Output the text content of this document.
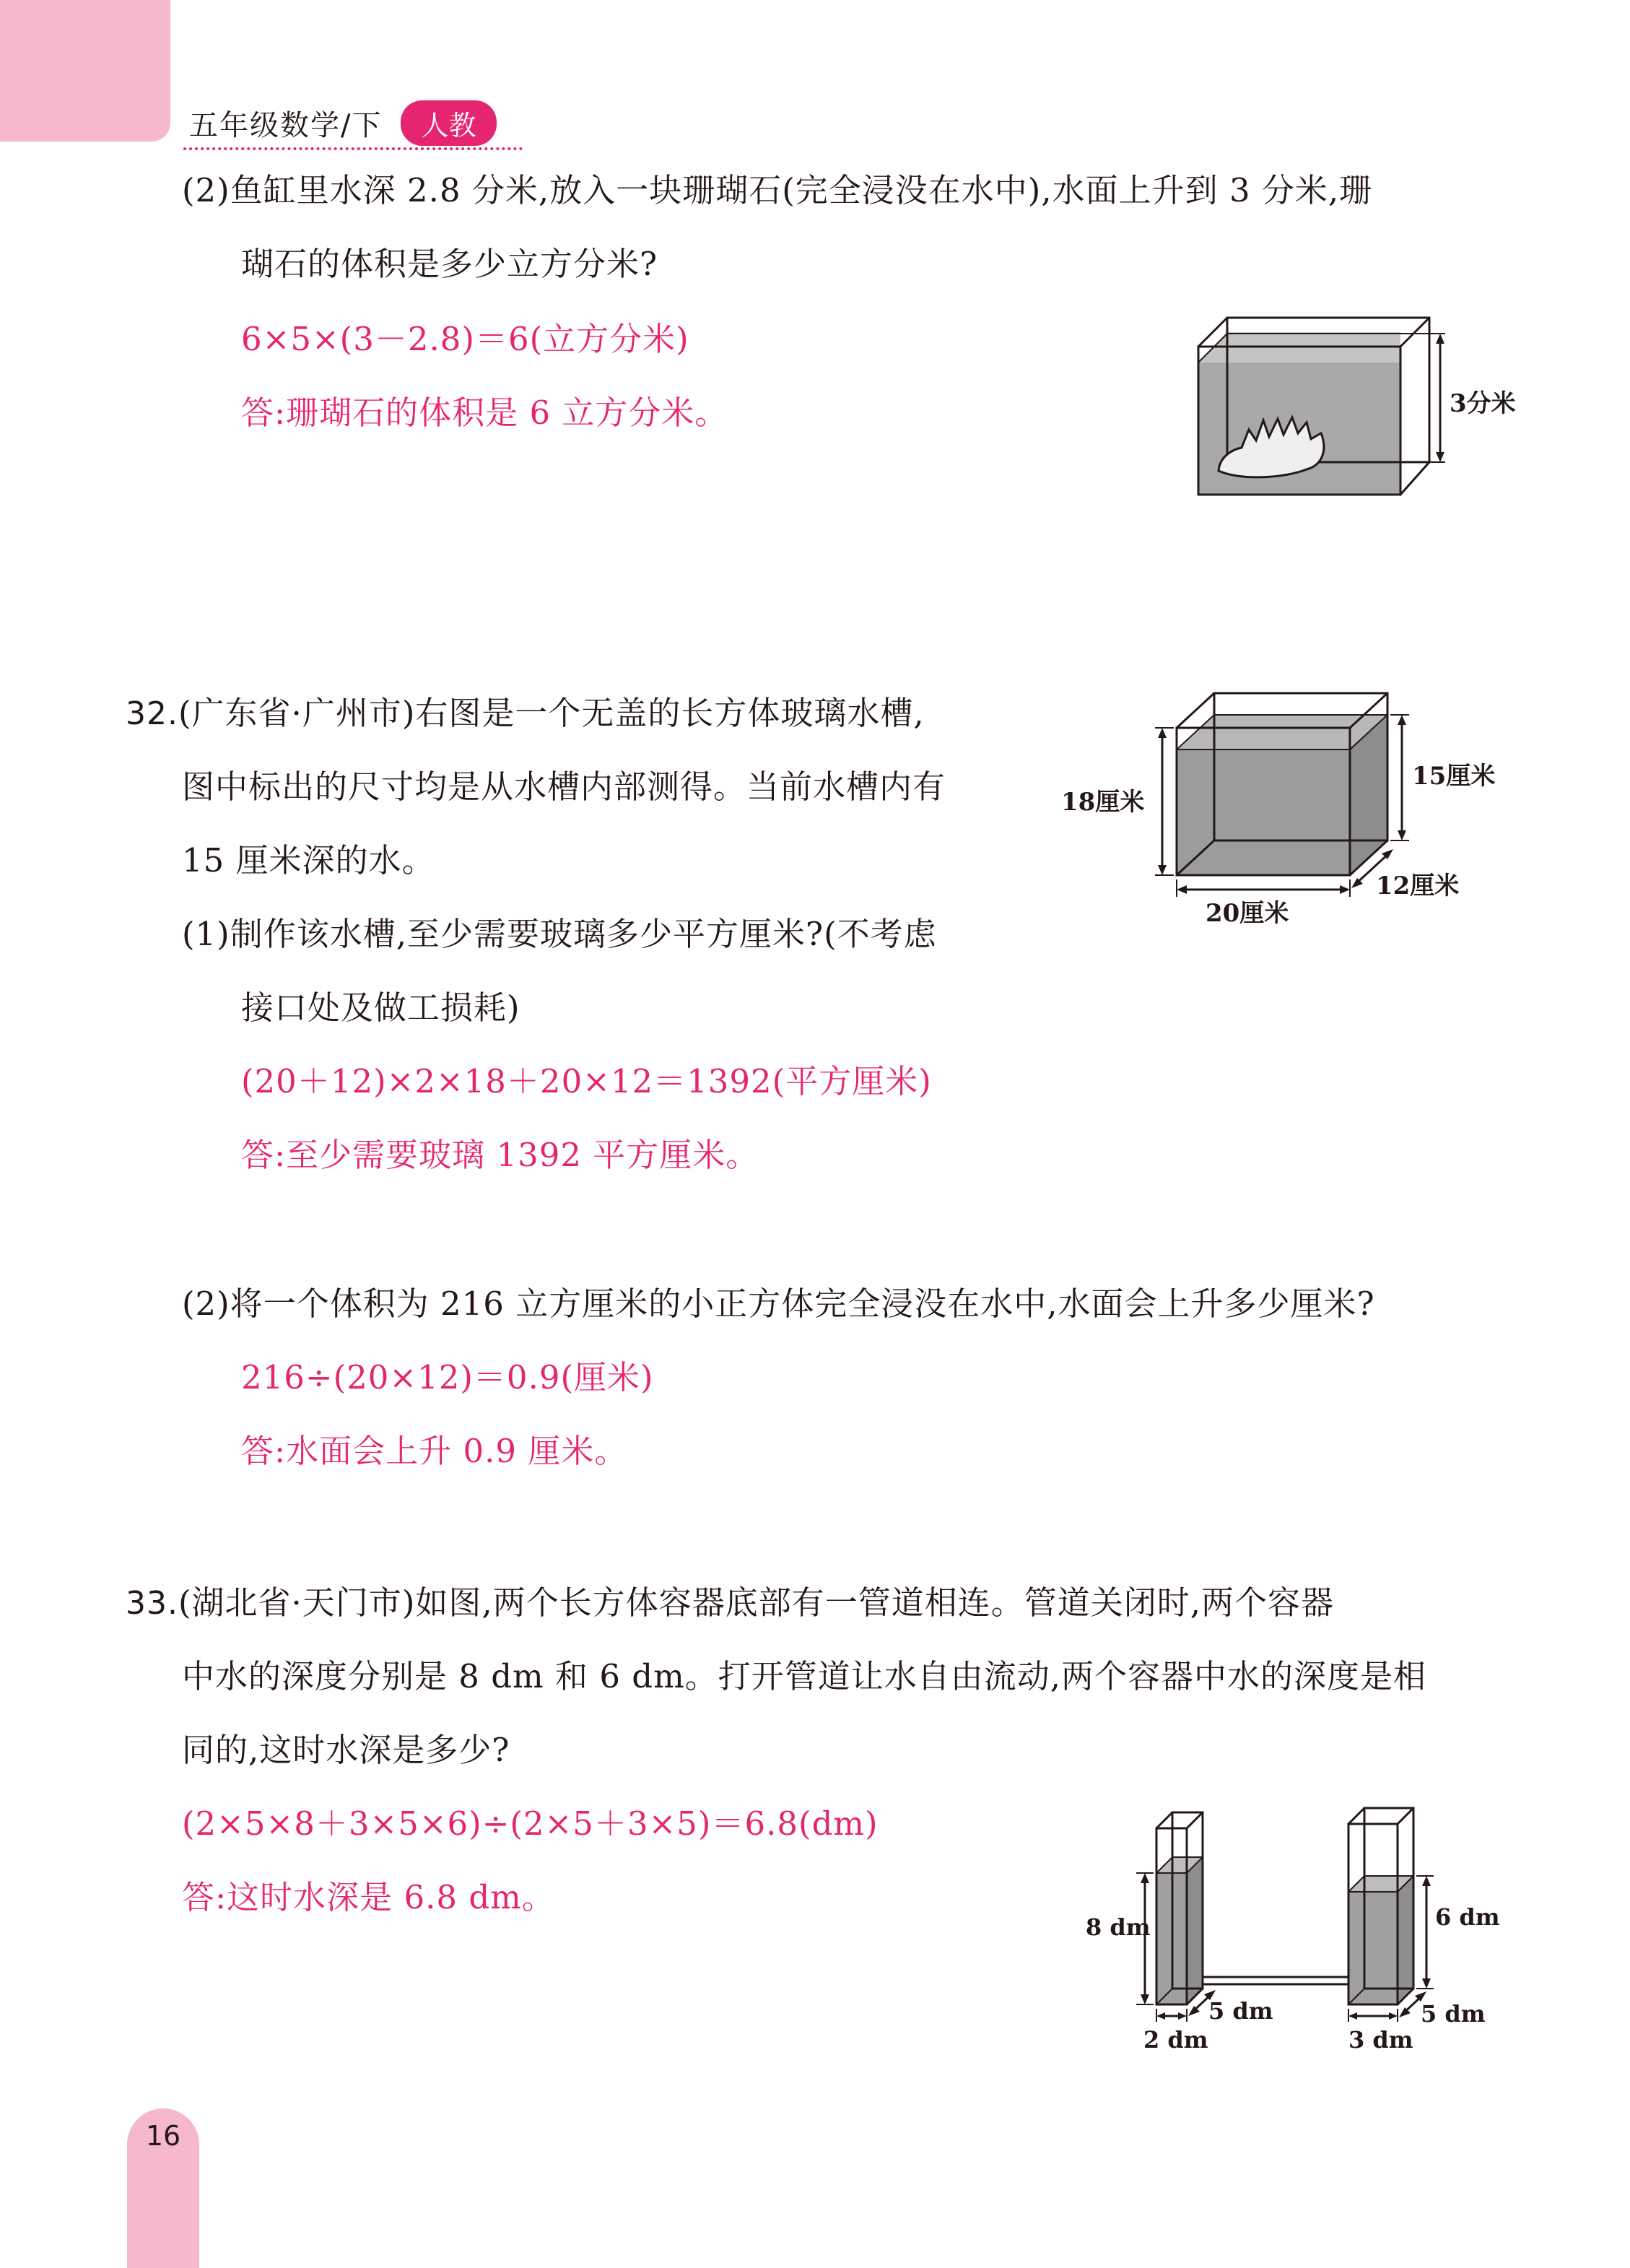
五年级数学/下	人教
(2)鱼缸里水深 2.8 分米,放入一块珊瑚石(完全浸没在水中),水面上升到 3 分米,珊
瑚石的体积是多少立方分米?
6×5×(3－2.8)＝6(立方分米)
答:珊瑚石的体积是 6 立方分米。	3分米
32.(广东省·广州市)右图是一个无盖的长方体玻璃水槽,
图中标出的尺寸均是从水槽内部测得。当前水槽内有
15 厘米深的水。
(1)制作该水槽,至少需要玻璃多少平方厘米?(不考虑
接口处及做工损耗)
(20＋12)×2×18＋20×12＝1392(平方厘米)
答:至少需要玻璃 1392 平方厘米。
(2)将一个体积为 216 立方厘米的小正方体完全浸没在水中,水面会上升多少厘米?
216÷(20×12)＝0.9(厘米)
答:水面会上升 0.9 厘米。
18厘米
15厘米
12厘米
20厘米
33.(湖北省·天门市)如图,两个长方体容器底部有一管道相连。管道关闭时,两个容器
中水的深度分别是 8 dm 和 6 dm。打开管道让水自由流动,两个容器中水的深度是相
同的,这时水深是多少?
(2×5×8＋3×5×6)÷(2×5＋3×5)＝6.8(dm)
答:这时水深是 6.8 dm。
8 dm
5 dm
2 dm
6 dm
5 dm
3 dm
16
